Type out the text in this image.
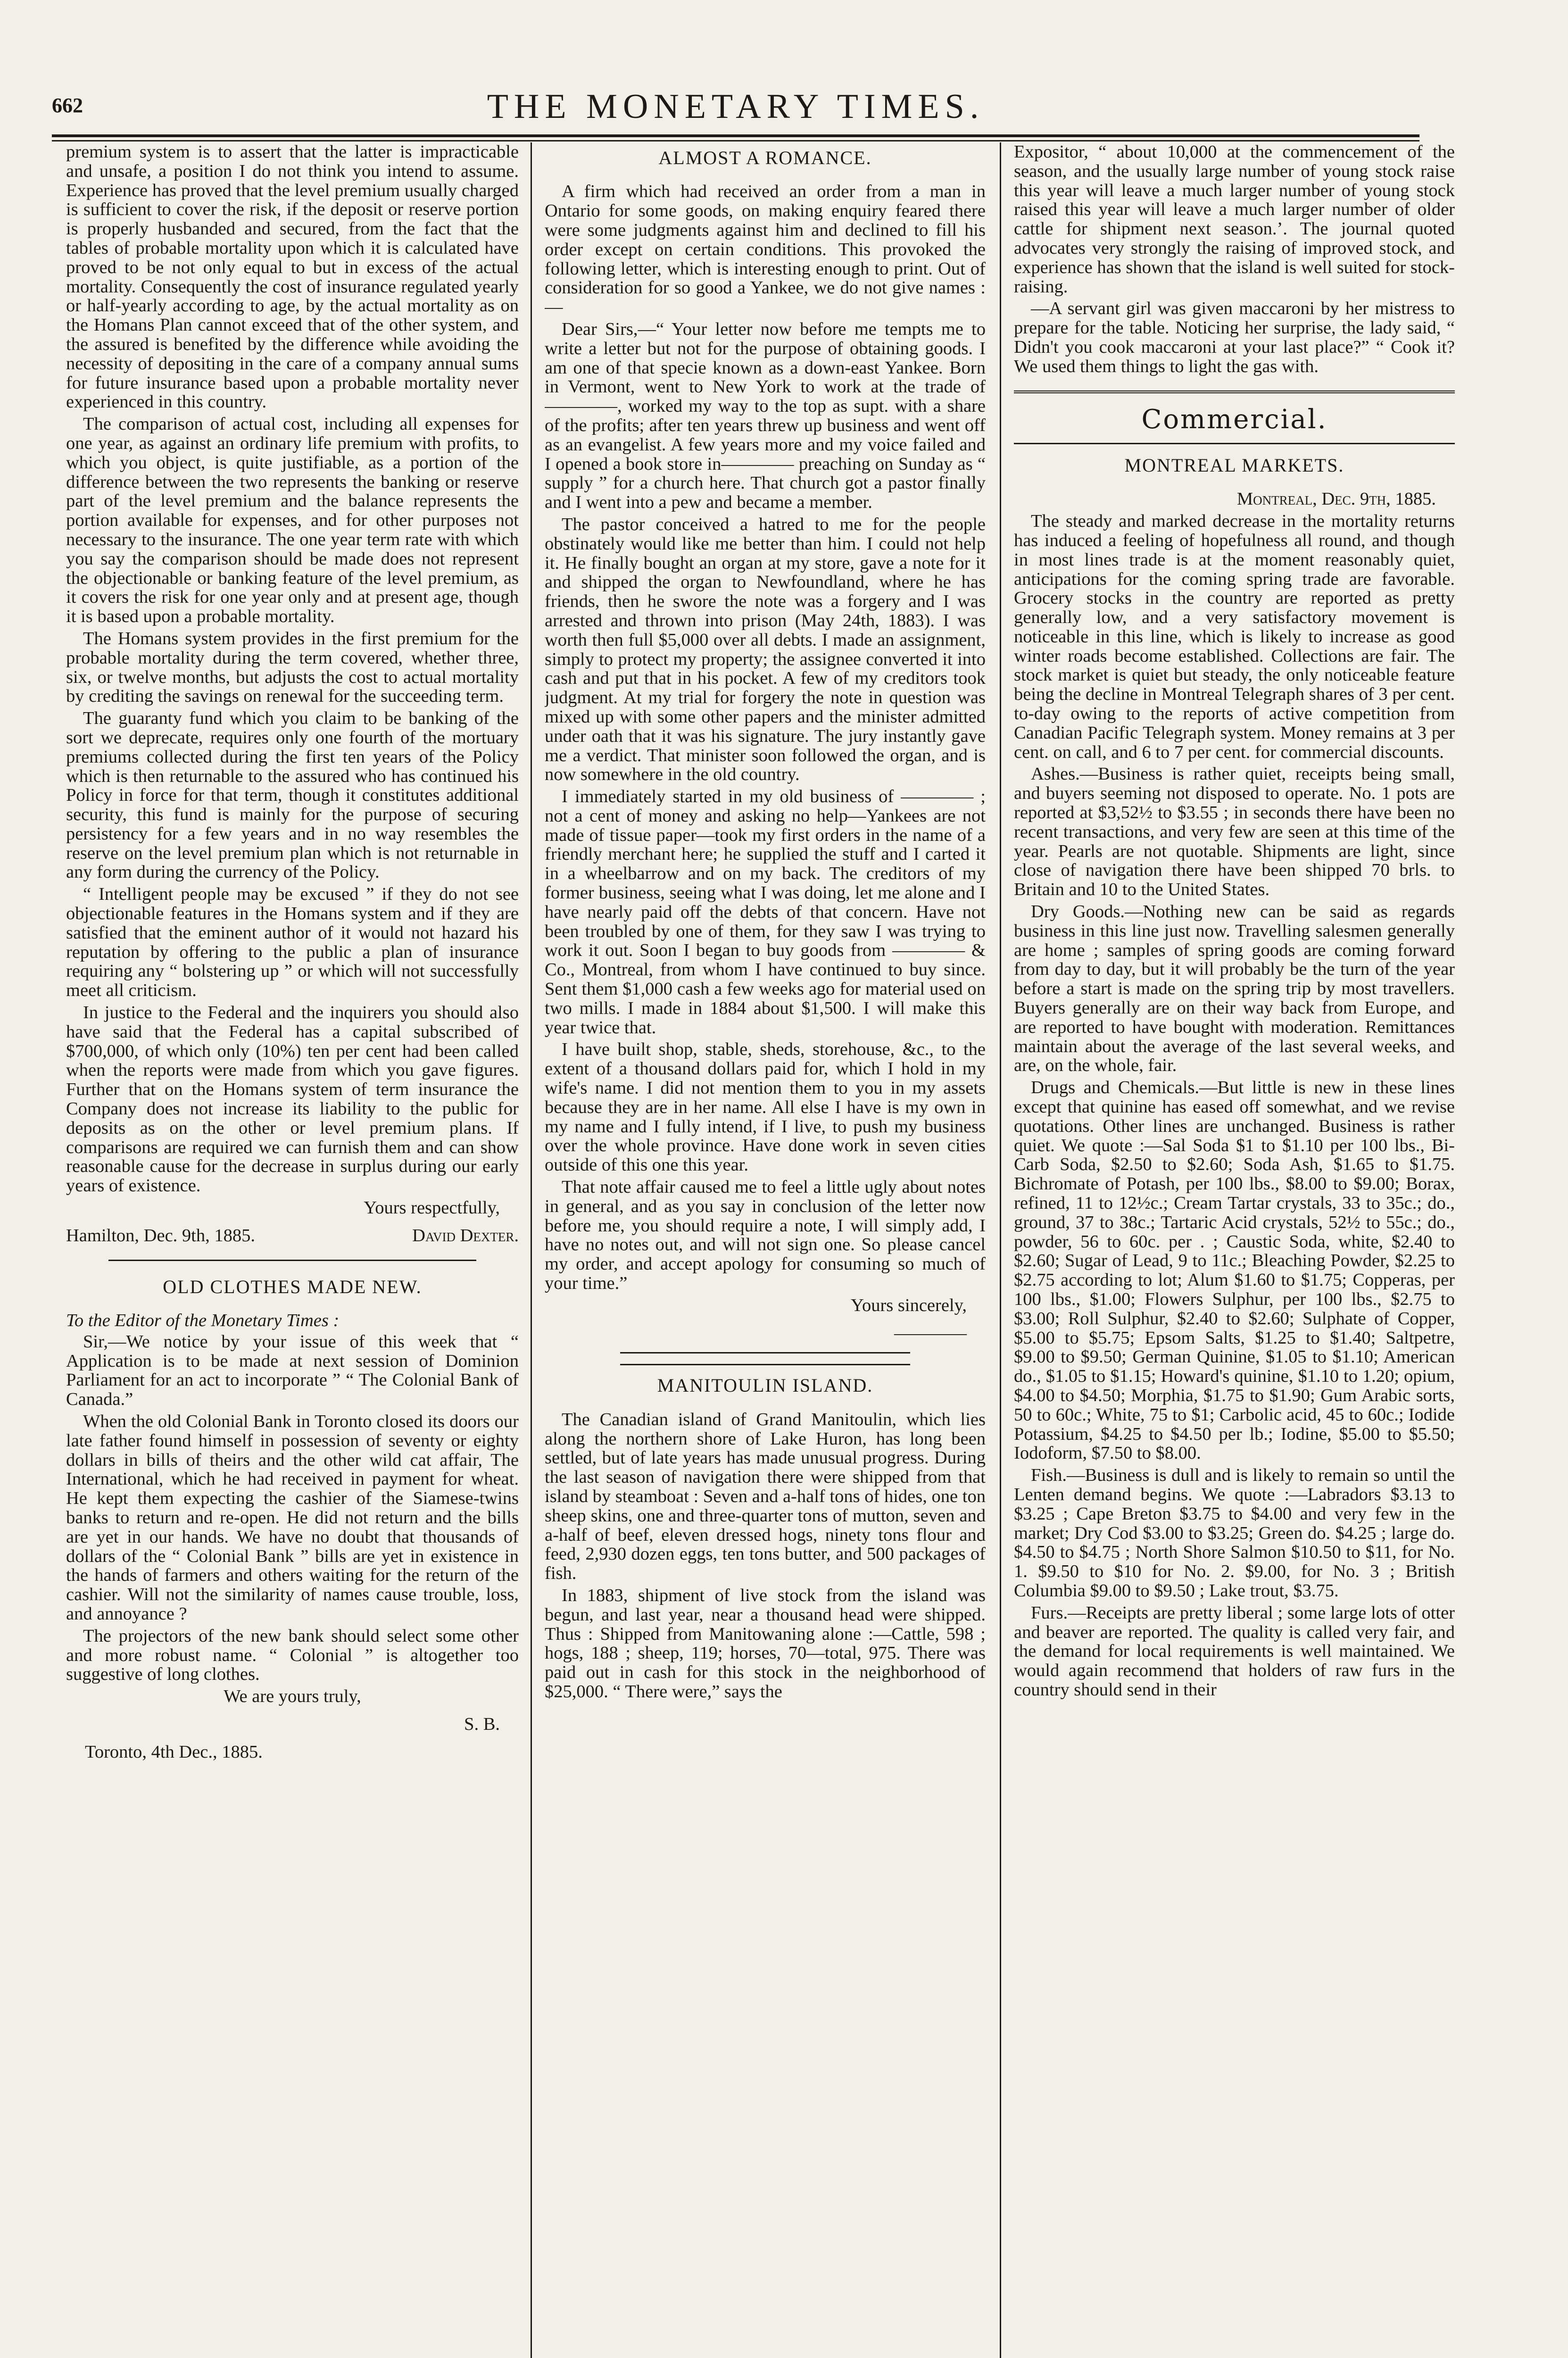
662	THE MONETARY TIMES.

premium system is to assert that the latter is impracticable and unsafe, a position I do not think you intend to assume. Experience has proved that the level premium usually charged is sufficient to cover the risk, if the deposit or reserve portion is properly husbanded and secured, from the fact that the tables of probable mortality upon which it is calculated have proved to be not only equal to but in excess of the actual mortality. Consequently the cost of insurance regulated yearly or half-yearly according to age, by the actual mortality as on the Homans Plan cannot exceed that of the other system, and the assured is benefited by the difference while avoiding the necessity of depositing in the care of a company annual sums for future insurance based upon a probable mortality never experienced in this country.

The comparison of actual cost, including all expenses for one year, as against an ordinary life premium with profits, to which you object, is quite justifiable, as a portion of the difference between the two represents the banking or reserve part of the level premium and the balance represents the portion available for expenses, and for other purposes not necessary to the insurance. The one year term rate with which you say the comparison should be made does not represent the objectionable or banking feature of the level premium, as it covers the risk for one year only and at present age, though it is based upon a probable mortality.

The Homans system provides in the first premium for the probable mortality during the term covered, whether three, six, or twelve months, but adjusts the cost to actual mortality by crediting the savings on renewal for the succeeding term.

The guaranty fund which you claim to be banking of the sort we deprecate, requires only one fourth of the mortuary premiums collected during the first ten years of the Policy which is then returnable to the assured who has continued his Policy in force for that term, though it constitutes additional security, this fund is mainly for the purpose of securing persistency for a few years and in no way resembles the reserve on the level premium plan which is not returnable in any form during the currency of the Policy.

“ Intelligent people may be excused ” if they do not see objectionable features in the Homans system and if they are satisfied that the eminent author of it would not hazard his reputation by offering to the public a plan of insurance requiring any “ bolstering up ” or which will not successfully meet all criticism.

In justice to the Federal and the inquirers you should also have said that the Federal has a capital subscribed of $700,000, of which only (10%) ten per cent had been called when the reports were made from which you gave figures. Further that on the Homans system of term insurance the Company does not increase its liability to the public for deposits as on the other or level premium plans. If comparisons are required we can furnish them and can show reasonable cause for the decrease in surplus during our early years of existence.

Yours respectfully,

Hamilton, Dec. 9th, 1885.	David Dexter.

OLD CLOTHES MADE NEW.

To the Editor of the Monetary Times :

Sir,—We notice by your issue of this week that “ Application is to be made at next session of Dominion Parliament for an act to incorporate ” “ The Colonial Bank of Canada.”

When the old Colonial Bank in Toronto closed its doors our late father found himself in possession of seventy or eighty dollars in bills of theirs and the other wild cat affair, The International, which he had received in payment for wheat. He kept them expecting the cashier of the Siamese-twins banks to return and re-open. He did not return and the bills are yet in our hands. We have no doubt that thousands of dollars of the “ Colonial Bank ” bills are yet in existence in the hands of farmers and others waiting for the return of the cashier. Will not the similarity of names cause trouble, loss, and annoyance ?

The projectors of the new bank should select some other and more robust name. “ Colonial ” is altogether too suggestive of long clothes.

We are yours truly,
S. B.

Toronto, 4th Dec., 1885.

ALMOST A ROMANCE.

A firm which had received an order from a man in Ontario for some goods, on making enquiry feared there were some judgments against him and declined to fill his order except on certain conditions. This provoked the following letter, which is interesting enough to print. Out of consideration for so good a Yankee, we do not give names :—

Dear Sirs,—“ Your letter now before me tempts me to write a letter but not for the purpose of obtaining goods. I am one of that specie known as a down-east Yankee. Born in Vermont, went to New York to work at the trade of ————, worked my way to the top as supt. with a share of the profits; after ten years threw up business and went off as an evangelist. A few years more and my voice failed and I opened a book store in———— preaching on Sunday as “ supply ” for a church here. That church got a pastor finally and I went into a pew and became a member.

The pastor conceived a hatred to me for the people obstinately would like me better than him. I could not help it. He finally bought an organ at my store, gave a note for it and shipped the organ to Newfoundland, where he has friends, then he swore the note was a forgery and I was arrested and thrown into prison (May 24th, 1883). I was worth then full $5,000 over all debts. I made an assignment, simply to protect my property; the assignee converted it into cash and put that in his pocket. A few of my creditors took judgment. At my trial for forgery the note in question was mixed up with some other papers and the minister admitted under oath that it was his signature. The jury instantly gave me a verdict. That minister soon followed the organ, and is now somewhere in the old country.

I immediately started in my old business of ———— ; not a cent of money and asking no help—Yankees are not made of tissue paper—took my first orders in the name of a friendly merchant here; he supplied the stuff and I carted it in a wheelbarrow and on my back. The creditors of my former business, seeing what I was doing, let me alone and I have nearly paid off the debts of that concern. Have not been troubled by one of them, for they saw I was trying to work it out. Soon I began to buy goods from ———— & Co., Montreal, from whom I have continued to buy since. Sent them $1,000 cash a few weeks ago for material used on two mills. I made in 1884 about $1,500. I will make this year twice that.

I have built shop, stable, sheds, storehouse, &c., to the extent of a thousand dollars paid for, which I hold in my wife's name. I did not mention them to you in my assets because they are in her name. All else I have is my own in my name and I fully intend, if I live, to push my business over the whole province. Have done work in seven cities outside of this one this year.

That note affair caused me to feel a little ugly about notes in general, and as you say in conclusion of the letter now before me, you should require a note, I will simply add, I have no notes out, and will not sign one. So please cancel my order, and accept apology for consuming so much of your time.”

Yours sincerely,
————
MANITOULIN ISLAND.

The Canadian island of Grand Manitoulin, which lies along the northern shore of Lake Huron, has long been settled, but of late years has made unusual progress. During the last season of navigation there were shipped from that island by steamboat : Seven and a-half tons of hides, one ton sheep skins, one and three-quarter tons of mutton, seven and a-half of beef, eleven dressed hogs, ninety tons flour and feed, 2,930 dozen eggs, ten tons butter, and 500 packages of fish.

In 1883, shipment of live stock from the island was begun, and last year, near a thousand head were shipped. Thus : Shipped from Manitowaning alone :—Cattle, 598 ; hogs, 188 ; sheep, 119; horses, 70—total, 975. There was paid out in cash for this stock in the neighborhood of $25,000. “ There were,” says the

Expositor, “ about 10,000 at the commencement of the season, and the usually large number of young stock raise this year will leave a much larger number of young stock raised this year will leave a much larger number of older cattle for shipment next season.’. The journal quoted advocates very strongly the raising of improved stock, and experience has shown that the island is well suited for stock-raising.

—A servant girl was given maccaroni by her mistress to prepare for the table. Noticing her surprise, the lady said, “ Didn't you cook maccaroni at your last place?” “ Cook it? We used them things to light the gas with.

Commercial.
MONTREAL MARKETS.
Montreal, Dec. 9th, 1885.

The steady and marked decrease in the mortality returns has induced a feeling of hopefulness all round, and though in most lines trade is at the moment reasonably quiet, anticipations for the coming spring trade are favorable. Grocery stocks in the country are reported as pretty generally low, and a very satisfactory movement is noticeable in this line, which is likely to increase as good winter roads become established. Collections are fair. The stock market is quiet but steady, the only noticeable feature being the decline in Montreal Telegraph shares of 3 per cent. to-day owing to the reports of active competition from Canadian Pacific Telegraph system. Money remains at 3 per cent. on call, and 6 to 7 per cent. for commercial discounts.

Ashes.—Business is rather quiet, receipts being small, and buyers seeming not disposed to operate. No. 1 pots are reported at $3,52½ to $3.55 ; in seconds there have been no recent transactions, and very few are seen at this time of the year. Pearls are not quotable. Shipments are light, since close of navigation there have been shipped 70 brls. to Britain and 10 to the United States.

Dry Goods.—Nothing new can be said as regards business in this line just now. Travelling salesmen generally are home ; samples of spring goods are coming forward from day to day, but it will probably be the turn of the year before a start is made on the spring trip by most travellers. Buyers generally are on their way back from Europe, and are reported to have bought with moderation. Remittances maintain about the average of the last several weeks, and are, on the whole, fair.

Drugs and Chemicals.—But little is new in these lines except that quinine has eased off somewhat, and we revise quotations. Other lines are unchanged. Business is rather quiet. We quote :—Sal Soda $1 to $1.10 per 100 lbs., Bi-Carb Soda, $2.50 to $2.60; Soda Ash, $1.65 to $1.75. Bichromate of Potash, per 100 lbs., $8.00 to $9.00; Borax, refined, 11 to 12½c.; Cream Tartar crystals, 33 to 35c.; do., ground, 37 to 38c.; Tartaric Acid crystals, 52½ to 55c.; do., powder, 56 to 60c. per . ; Caustic Soda, white, $2.40 to $2.60; Sugar of Lead, 9 to 11c.; Bleaching Powder, $2.25 to $2.75 according to lot; Alum $1.60 to $1.75; Copperas, per 100 lbs., $1.00; Flowers Sulphur, per 100 lbs., $2.75 to $3.00; Roll Sulphur, $2.40 to $2.60; Sulphate of Copper, $5.00 to $5.75; Epsom Salts, $1.25 to $1.40; Saltpetre, $9.00 to $9.50; German Quinine, $1.05 to $1.10; American do., $1.05 to $1.15; Howard's quinine, $1.10 to 1.20; opium, $4.00 to $4.50; Morphia, $1.75 to $1.90; Gum Arabic sorts, 50 to 60c.; White, 75 to $1; Carbolic acid, 45 to 60c.; Iodide Potassium, $4.25 to $4.50 per lb.; Iodine, $5.00 to $5.50; Iodoform, $7.50 to $8.00.

Fish.—Business is dull and is likely to remain so until the Lenten demand begins. We quote :—Labradors $3.13 to $3.25 ; Cape Breton $3.75 to $4.00 and very few in the market; Dry Cod $3.00 to $3.25; Green do. $4.25 ; large do. $4.50 to $4.75 ; North Shore Salmon $10.50 to $11, for No. 1. $9.50 to $10 for No. 2. $9.00, for No. 3 ; British Columbia $9.00 to $9.50 ; Lake trout, $3.75.

Furs.—Receipts are pretty liberal ; some large lots of otter and beaver are reported. The quality is called very fair, and the demand for local requirements is well maintained. We would again recommend that holders of raw furs in the country should send in their
